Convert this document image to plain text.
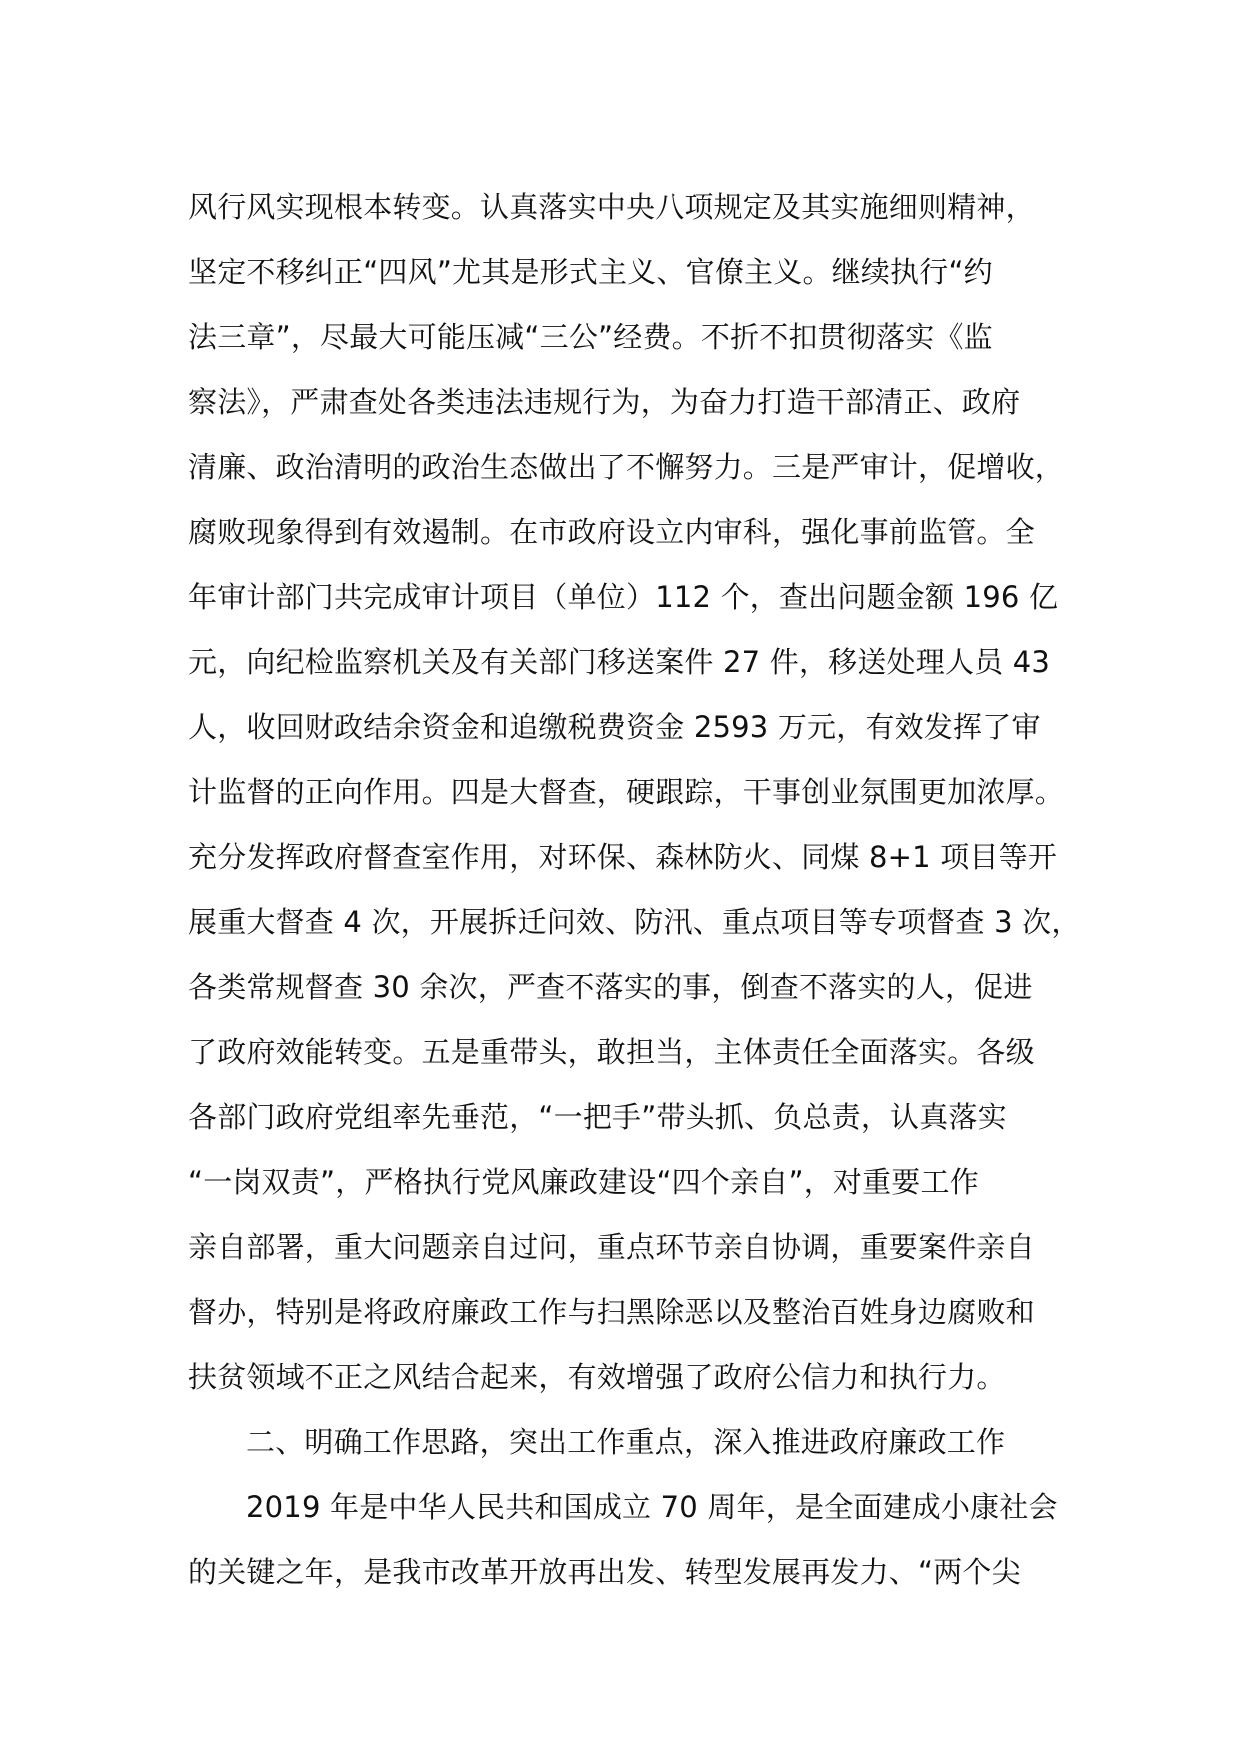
风行风实现根本转变。认真落实中央八项规定及其实施细则精神，
坚定不移纠正“四风”尤其是形式主义、官僚主义。继续执行“约
法三章”，尽最大可能压减“三公”经费。不折不扣贯彻落实《监
察法》，严肃查处各类违法违规行为，为奋力打造干部清正、政府
清廉、政治清明的政治生态做出了不懈努力。三是严审计，促增收，
腐败现象得到有效遏制。在市政府设立内审科，强化事前监管。全
年审计部门共完成审计项目（单位）112 个，查出问题金额 196 亿
元，向纪检监察机关及有关部门移送案件 27 件，移送处理人员 43
人，收回财政结余资金和追缴税费资金 2593 万元，有效发挥了审
计监督的正向作用。四是大督查，硬跟踪，干事创业氛围更加浓厚。
充分发挥政府督查室作用，对环保、森林防火、同煤 8+1 项目等开
展重大督查 4 次，开展拆迁问效、防汛、重点项目等专项督查 3 次，
各类常规督查 30 余次，严查不落实的事，倒查不落实的人，促进
了政府效能转变。五是重带头，敢担当，主体责任全面落实。各级
各部门政府党组率先垂范，“一把手”带头抓、负总责，认真落实
“一岗双责”，严格执行党风廉政建设“四个亲自”，对重要工作
亲自部署，重大问题亲自过问，重点环节亲自协调，重要案件亲自
督办，特别是将政府廉政工作与扫黑除恶以及整治百姓身边腐败和
扶贫领域不正之风结合起来，有效增强了政府公信力和执行力。
二、明确工作思路，突出工作重点，深入推进政府廉政工作
2019 年是中华人民共和国成立 70 周年，是全面建成小康社会
的关键之年，是我市改革开放再出发、转型发展再发力、“两个尖
